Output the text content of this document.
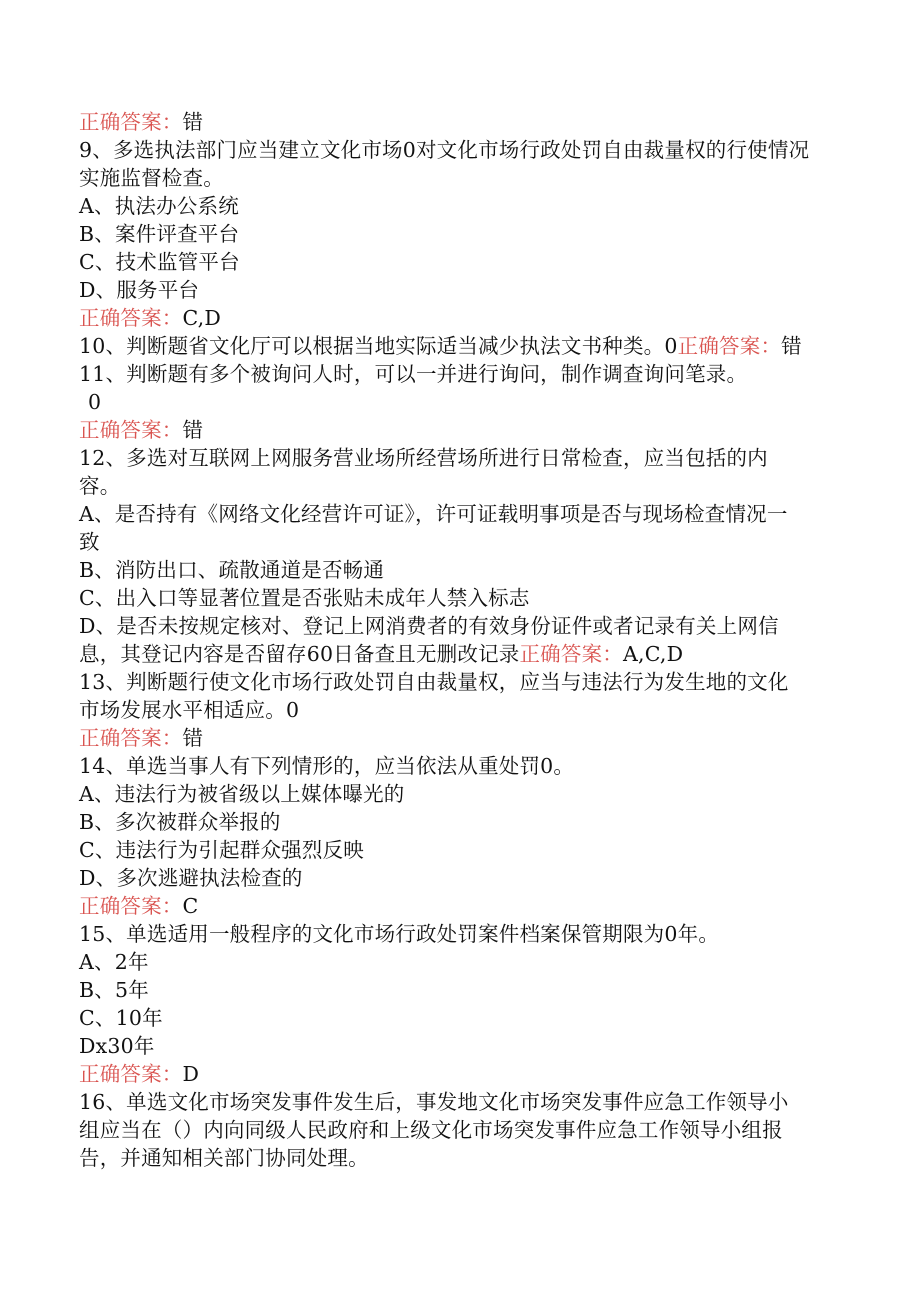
正确答案：错
9、多选执法部门应当建立文化市场0对文化市场行政处罚自由裁量权的行使情况
实施监督检查。
A、执法办公系统
B、案件评查平台
C、技术监管平台
D、服务平台
正确答案：C,D
10、判断题省文化厅可以根据当地实际适当减少执法文书种类。0正确答案：错
11、判断题有多个被询问人时，可以一并进行询问，制作调查询问笔录。
0
正确答案：错
12、多选对互联网上网服务营业场所经营场所进行日常检查，应当包括的内
容。
A、是否持有《网络文化经营许可证》，许可证载明事项是否与现场检查情况一
致
B、消防出口、疏散通道是否畅通
C、出入口等显著位置是否张贴未成年人禁入标志
D、是否未按规定核对、登记上网消费者的有效身份证件或者记录有关上网信
息，其登记内容是否留存60日备查且无删改记录正确答案：A,C,D
13、判断题行使文化市场行政处罚自由裁量权，应当与违法行为发生地的文化
市场发展水平相适应。0
正确答案：错
14、单选当事人有下列情形的，应当依法从重处罚0。
A、违法行为被省级以上媒体曝光的
B、多次被群众举报的
C、违法行为引起群众强烈反映
D、多次逃避执法检查的
正确答案：C
15、单选适用一般程序的文化市场行政处罚案件档案保管期限为0年。
A、2年
B、5年
C、10年
Dx30年
正确答案：D
16、单选文化市场突发事件发生后，事发地文化市场突发事件应急工作领导小
组应当在（）内向同级人民政府和上级文化市场突发事件应急工作领导小组报
告，并通知相关部门协同处理。
